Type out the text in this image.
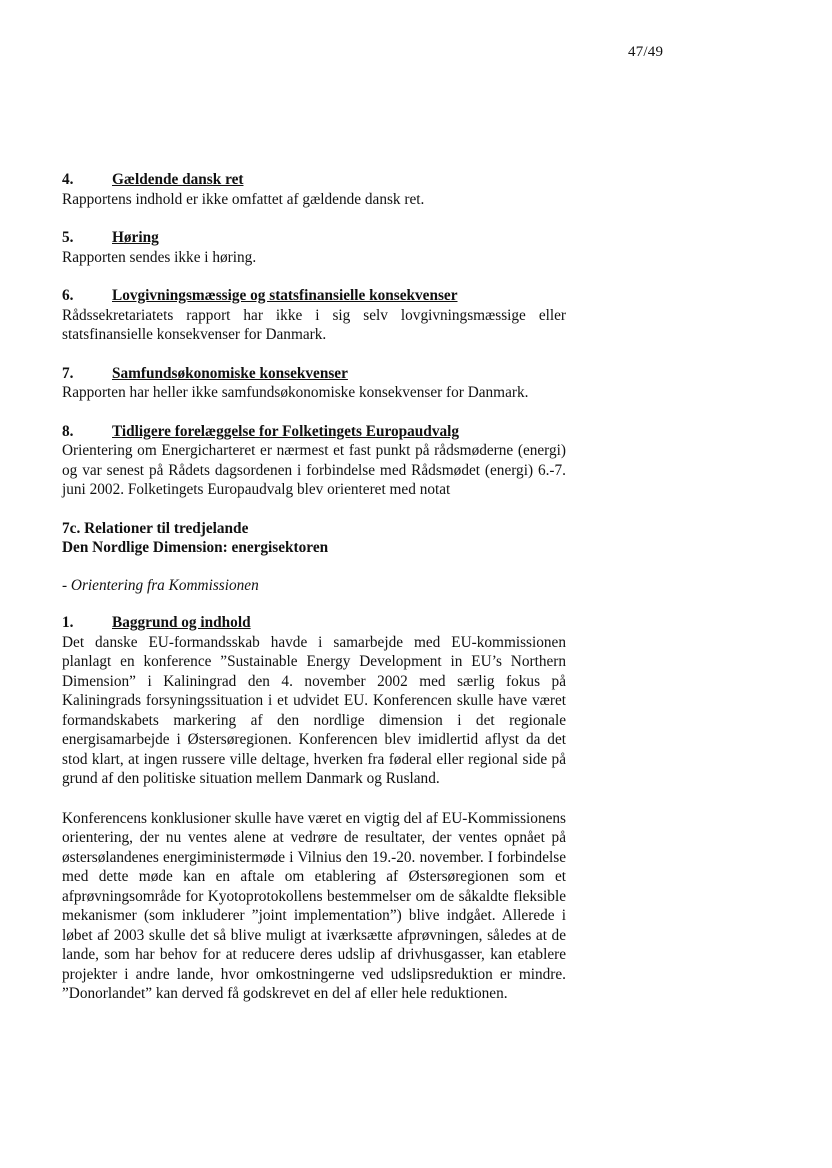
47/49
4.	Gældende dansk ret

Rapportens indhold er ikke omfattet af gældende dansk ret.

5.	Høring

Rapporten sendes ikke i høring.

6.	Lovgivningsmæssige og statsfinansielle konsekvenser

Rådssekretariatets rapport har ikke i sig selv lovgivningsmæssige eller statsfinansielle konsekvenser for Danmark.

7.	Samfundsøkonomiske konsekvenser

Rapporten har heller ikke samfundsøkonomiske konsekvenser for Danmark.

8.	Tidligere forelæggelse for Folketingets Europaudvalg

Orientering om Energicharteret er nærmest et fast punkt på rådsmøderne (energi) og var senest på Rådets dagsordenen i forbindelse med Rådsmødet (energi) 6.-7. juni 2002. Folketingets Europaudvalg blev orienteret med notat

7c. Relationer til tredjelande

Den Nordlige Dimension: energisektoren

- Orientering fra Kommissionen

1.	Baggrund og indhold

Det danske EU-formandsskab havde i samarbejde med EU-kommissionen planlagt en konference ”Sustainable Energy Development in EU’s Northern Dimension” i Kaliningrad den 4. november 2002 med særlig fokus på Kaliningrads forsyningssituation i et udvidet EU. Konferencen skulle have været formandskabets markering af den nordlige dimension i det regionale energisamarbejde i Østersøregionen. Konferencen blev imidlertid aflyst da det stod klart, at ingen russere ville deltage, hverken fra føderal eller regional side på grund af den politiske situation mellem Danmark og Rusland.

Konferencens konklusioner skulle have været en vigtig del af EU-Kommissionens orientering, der nu ventes alene at vedrøre de resultater, der ventes opnået på østersølandenes energiministermøde i Vilnius den 19.-20. november. I forbindelse med dette møde kan en aftale om etablering af Østersøregionen som et afprøvningsområde for Kyotoprotokollens bestemmelser om de såkaldte fleksible mekanismer (som inkluderer ”joint implementation”) blive indgået. Allerede i løbet af 2003 skulle det så blive muligt at iværksætte afprøvningen, således at de lande, som har behov for at reducere deres udslip af drivhusgasser, kan etablere projekter i andre lande, hvor omkostningerne ved udslipsreduktion er mindre. ”Donorlandet” kan derved få godskrevet en del af eller hele reduktionen.
